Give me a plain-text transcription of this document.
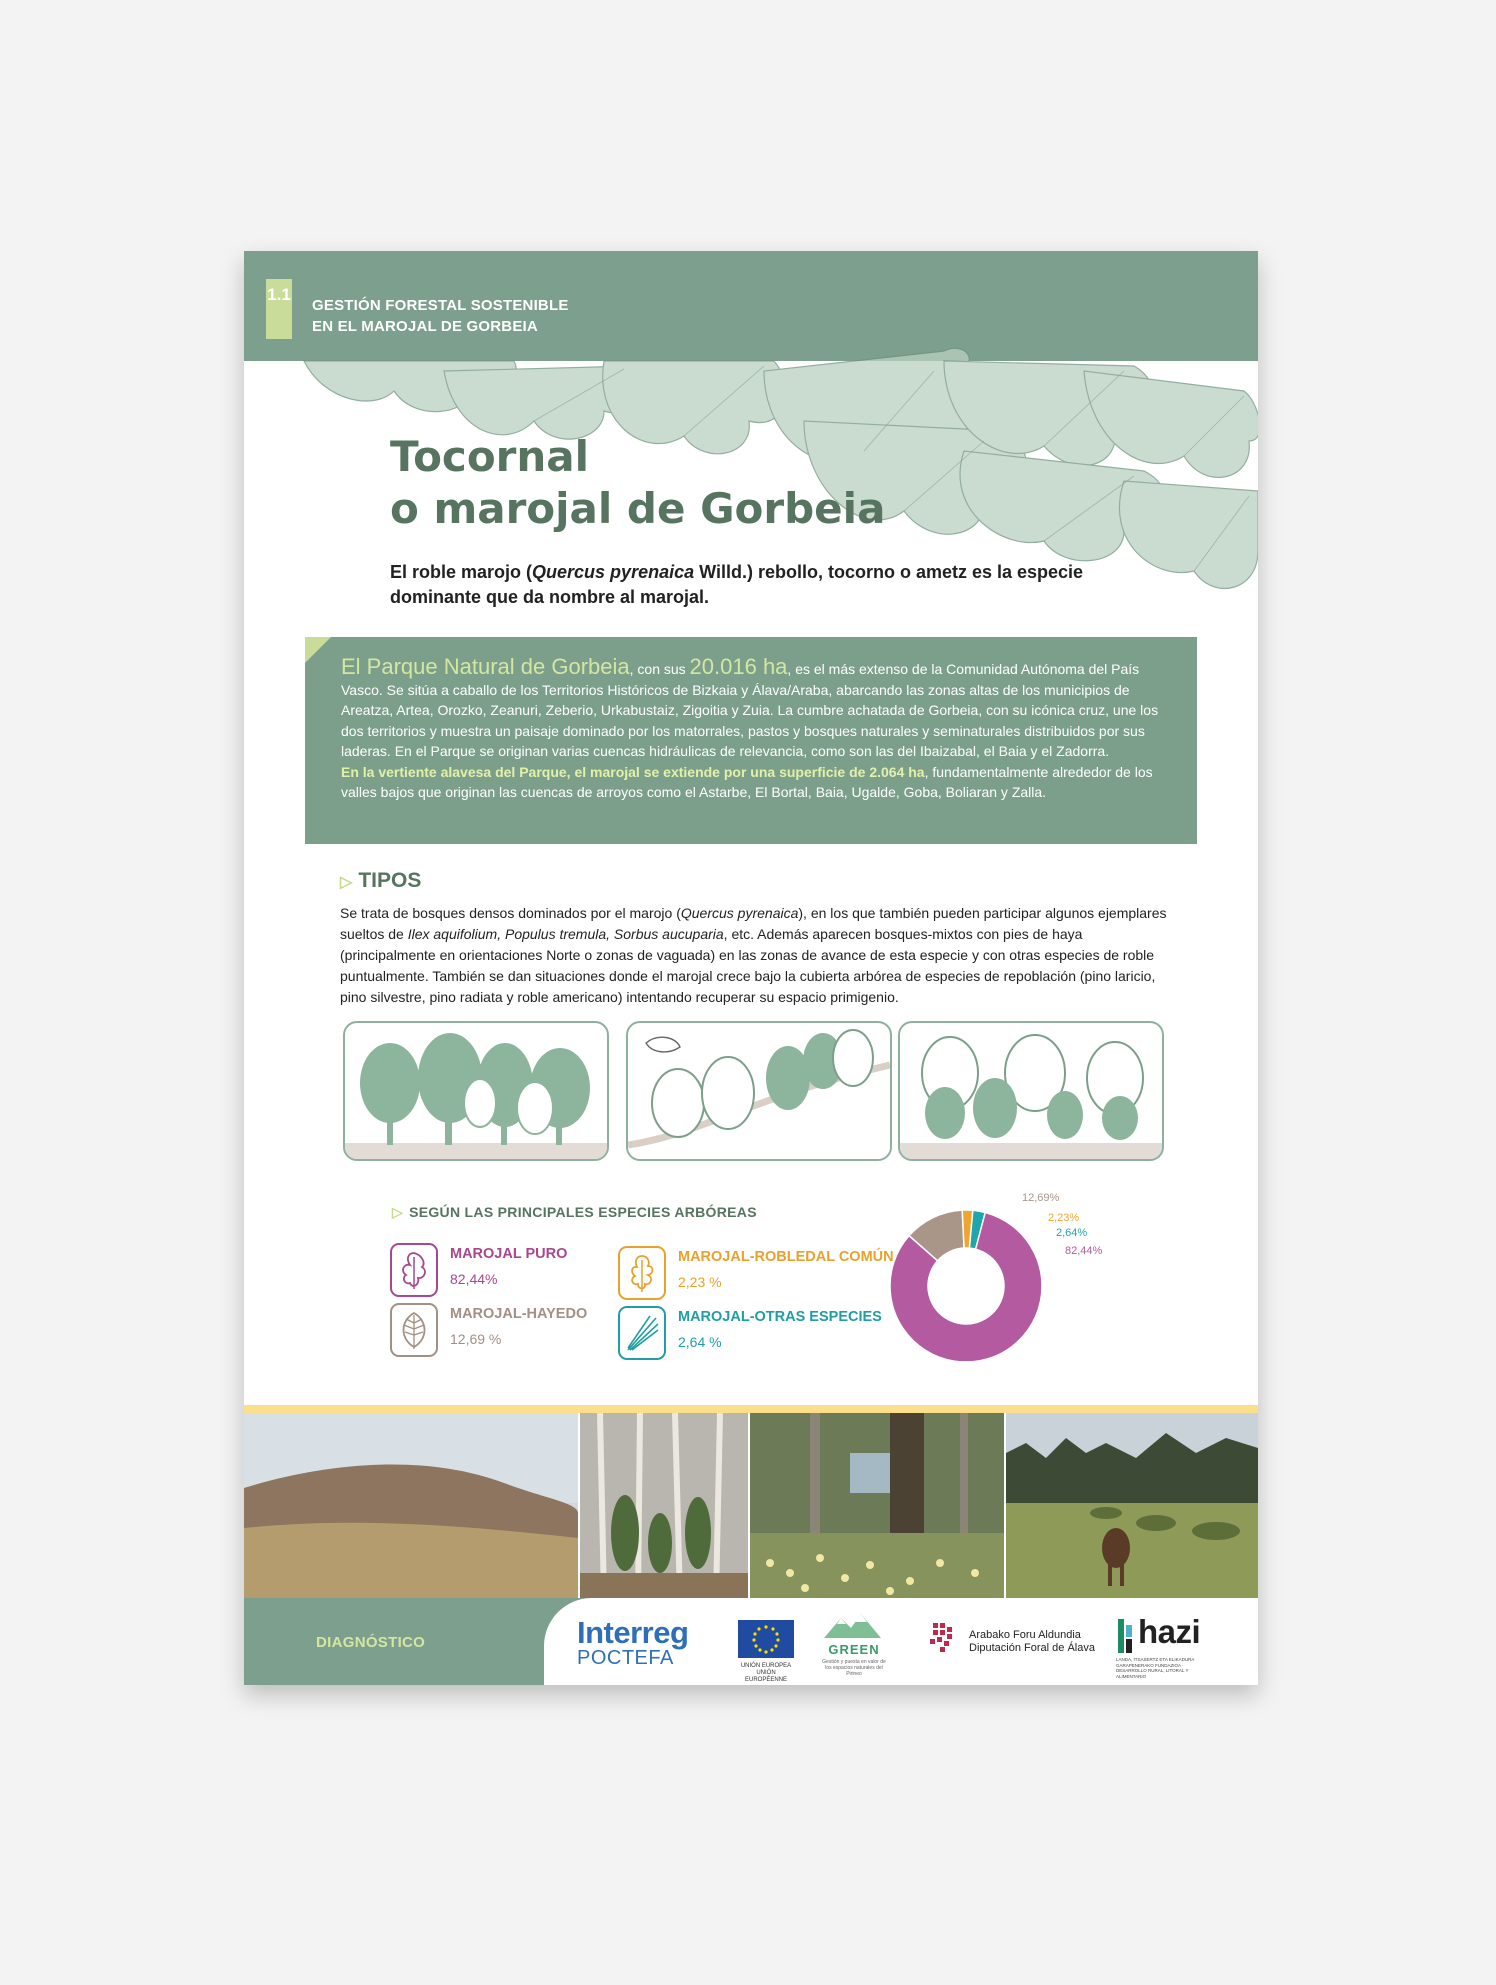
1.1
GESTIÓN FORESTAL SOSTENIBLE
EN EL MAROJAL DE GORBEIA
Tocornal
o marojal de Gorbeia
El roble marojo (Quercus pyrenaica Willd.) rebollo, tocorno o ametz es la especie dominante que da nombre al marojal.
El Parque Natural de Gorbeia, con sus 20.016 ha, es el más extenso de la Comunidad Autónoma del País Vasco. Se sitúa a caballo de los Territorios Históricos de Bizkaia y Álava/Araba, abarcando las zonas altas de los municipios de Areatza, Artea, Orozko, Zeanuri, Zeberio, Urkabustaiz, Zigoitia y Zuia. La cumbre achatada de Gorbeia, con su icónica cruz, une los dos territorios y muestra un paisaje dominado por los matorrales, pastos y bosques naturales y seminaturales distribuidos por sus laderas. En el Parque se originan varias cuencas hidráulicas de relevancia, como son las del Ibaizabal, el Baia y el Zadorra.
En la vertiente alavesa del Parque, el marojal se extiende por una superficie de 2.064 ha, fundamentalmente alrededor de los valles bajos que originan las cuencas de arroyos como el Astarbe, El Bortal, Baia, Ugalde, Goba, Boliaran y Zalla.
▷ TIPOS
Se trata de bosques densos dominados por el marojo (Quercus pyrenaica), en los que también pueden participar algunos ejemplares sueltos de Ilex aquifolium, Populus tremula, Sorbus aucuparia, etc. Además aparecen bosques-mixtos con pies de haya (principalmente en orientaciones Norte o zonas de vaguada) en las zonas de avance de esta especie y con otras especies de roble puntualmente. También se dan situaciones donde el marojal crece bajo la cubierta arbórea de especies de repoblación (pino laricio, pino silvestre, pino radiata y roble americano) intentando recuperar su espacio primigenio.
▷ SEGÚN LAS PRINCIPALES ESPECIES ARBÓREAS
MAROJAL PURO
82,44%
MAROJAL-HAYEDO
12,69 %
MAROJAL-ROBLEDAL COMÚN
2,23 %
MAROJAL-OTRAS ESPECIES
2,64 %
12,69%
2,23%
2,64%
82,44%
DIAGNÓSTICO	Interreg
POCTEFA	UNIÓN EUROPEA UNIÓN EUROPÉENNE
GREEN
Gestión y puesta en valor de los espacios naturales del Pirineo
Arabako Foru Aldundia
Diputación Foral de Álava hazi
LANDA, ITSASERTZ ETA ELIKADURA GARAPENERAKO FUNDAZIOA · DESARROLLO RURAL, LITORAL Y ALIMENTARIO
